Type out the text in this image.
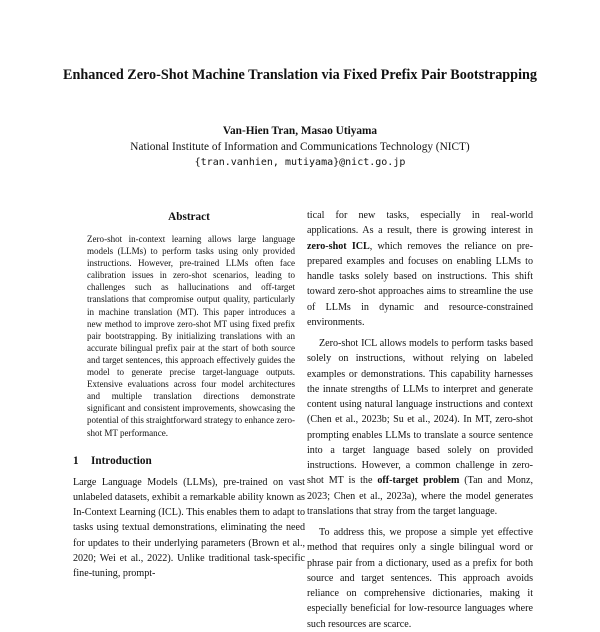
Enhanced Zero-Shot Machine Translation via Fixed Prefix Pair Bootstrapping
Van-Hien Tran, Masao Utiyama
National Institute of Information and Communications Technology (NICT)
{tran.vanhien, mutiyama}@nict.go.jp
Abstract

Zero-shot in-context learning allows large language models (LLMs) to perform tasks using only provided instructions. However, pre-trained LLMs often face calibration issues in zero-shot scenarios, leading to challenges such as hallucinations and off-target translations that compromise output quality, particularly in machine translation (MT). This paper introduces a new method to improve zero-shot MT using fixed prefix pair bootstrapping. By initializing translations with an accurate bilingual prefix pair at the start of both source and target sentences, this approach effectively guides the model to generate precise target-language outputs. Extensive evaluations across four model architectures and multiple translation directions demonstrate significant and consistent improvements, showcasing the potential of this straightforward strategy to enhance zero-shot MT performance.

1 Introduction

Large Language Models (LLMs), pre-trained on vast unlabeled datasets, exhibit a remarkable ability known as In-Context Learning (ICL). This enables them to adapt to tasks using textual demonstrations, eliminating the need for updates to their underlying parameters (Brown et al., 2020; Wei et al., 2022). Unlike traditional task-specific fine-tuning, prompt-

tical for new tasks, especially in real-world applications. As a result, there is growing interest in zero-shot ICL, which removes the reliance on pre-prepared examples and focuses on enabling LLMs to handle tasks solely based on instructions. This shift toward zero-shot approaches aims to streamline the use of LLMs in dynamic and resource-constrained environments.

Zero-shot ICL allows models to perform tasks based solely on instructions, without relying on labeled examples or demonstrations. This capability harnesses the innate strengths of LLMs to interpret and generate content using natural language instructions and context (Chen et al., 2023b; Su et al., 2024). In MT, zero-shot prompting enables LLMs to translate a source sentence into a target language based solely on provided instructions. However, a common challenge in zero-shot MT is the off-target problem (Tan and Monz, 2023; Chen et al., 2023a), where the model generates translations that stray from the target language.

To address this, we propose a simple yet effective method that requires only a single bilingual word or phrase pair from a dictionary, used as a prefix for both source and target sentences. This approach avoids reliance on comprehensive dictionaries, making it especially beneficial for low-resource languages where such resources are scarce.
